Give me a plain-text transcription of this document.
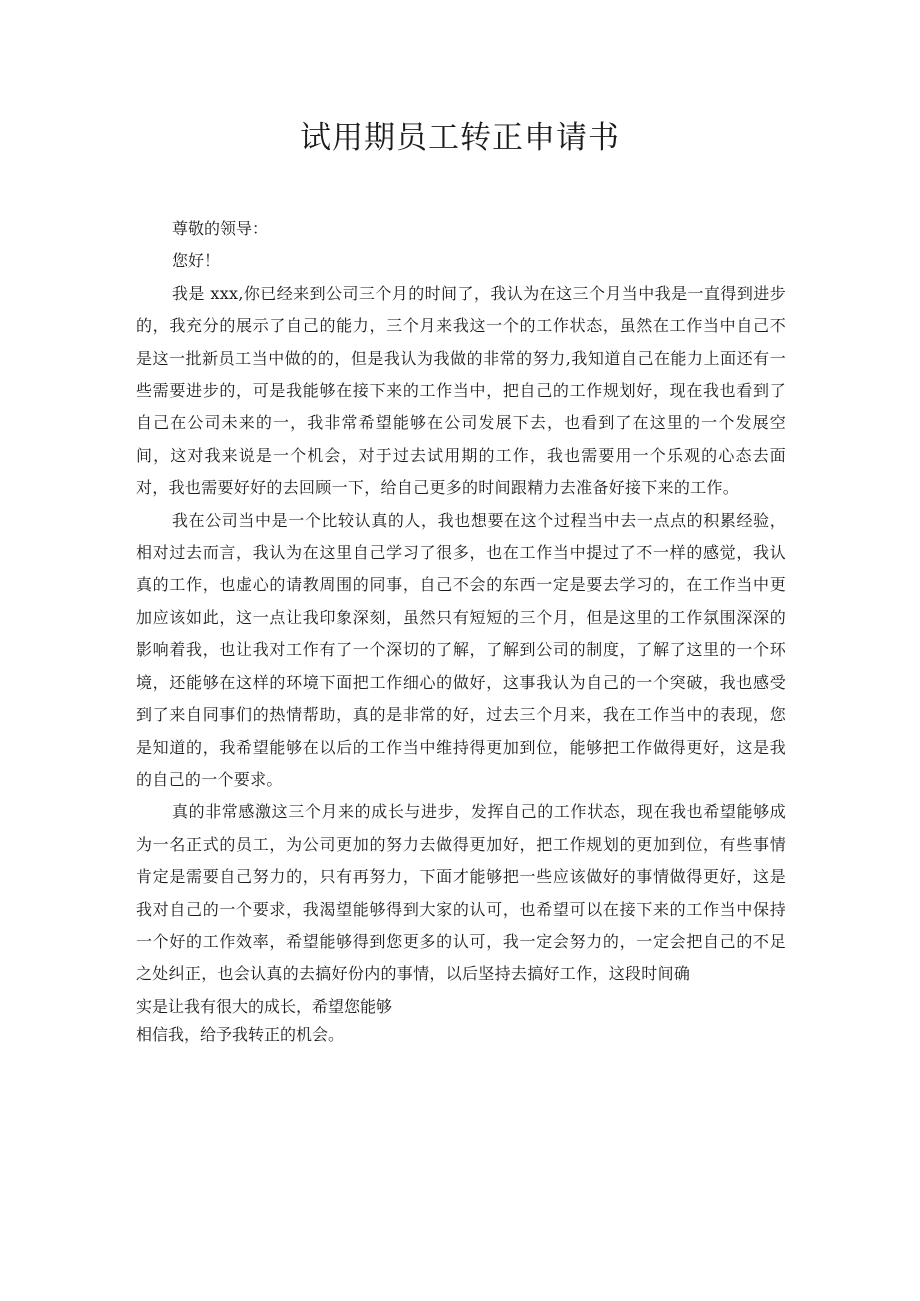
试用期员工转正申请书

尊敬的领导：

您好！

我是 xxx,你已经来到公司三个月的时间了，我认为在这三个月当中我是一直得到进步的，我充分的展示了自己的能力，三个月来我这一个的工作状态，虽然在工作当中自己不是这一批新员工当中做的的，但是我认为我做的非常的努力,我知道自己在能力上面还有一些需要进步的，可是我能够在接下来的工作当中，把自己的工作规划好，现在我也看到了自己在公司未来的一，我非常希望能够在公司发展下去，也看到了在这里的一个发展空间，这对我来说是一个机会，对于过去试用期的工作，我也需要用一个乐观的心态去面对，我也需要好好的去回顾一下，给自己更多的时间跟精力去准备好接下来的工作。

我在公司当中是一个比较认真的人，我也想要在这个过程当中去一点点的积累经验，相对过去而言，我认为在这里自己学习了很多，也在工作当中提过了不一样的感觉，我认真的工作，也虚心的请教周围的同事，自己不会的东西一定是要去学习的，在工作当中更加应该如此，这一点让我印象深刻，虽然只有短短的三个月，但是这里的工作氛围深深的影响着我，也让我对工作有了一个深切的了解，了解到公司的制度，了解了这里的一个环境，还能够在这样的环境下面把工作细心的做好，这事我认为自己的一个突破，我也感受到了来自同事们的热情帮助，真的是非常的好，过去三个月来，我在工作当中的表现，您是知道的，我希望能够在以后的工作当中维持得更加到位，能够把工作做得更好，这是我的自己的一个要求。

真的非常感激这三个月来的成长与进步，发挥自己的工作状态，现在我也希望能够成为一名正式的员工，为公司更加的努力去做得更加好，把工作规划的更加到位，有些事情肯定是需要自己努力的，只有再努力，下面才能够把一些应该做好的事情做得更好，这是我对自己的一个要求，我渴望能够得到大家的认可，也希望可以在接下来的工作当中保持一个好的工作效率，希望能够得到您更多的认可，我一定会努力的，一定会把自己的不足之处纠正，也会认真的去搞好份内的事情，以后坚持去搞好工作，这段时间确

实是让我有很大的成长，希望您能够

相信我，给予我转正的机会。
